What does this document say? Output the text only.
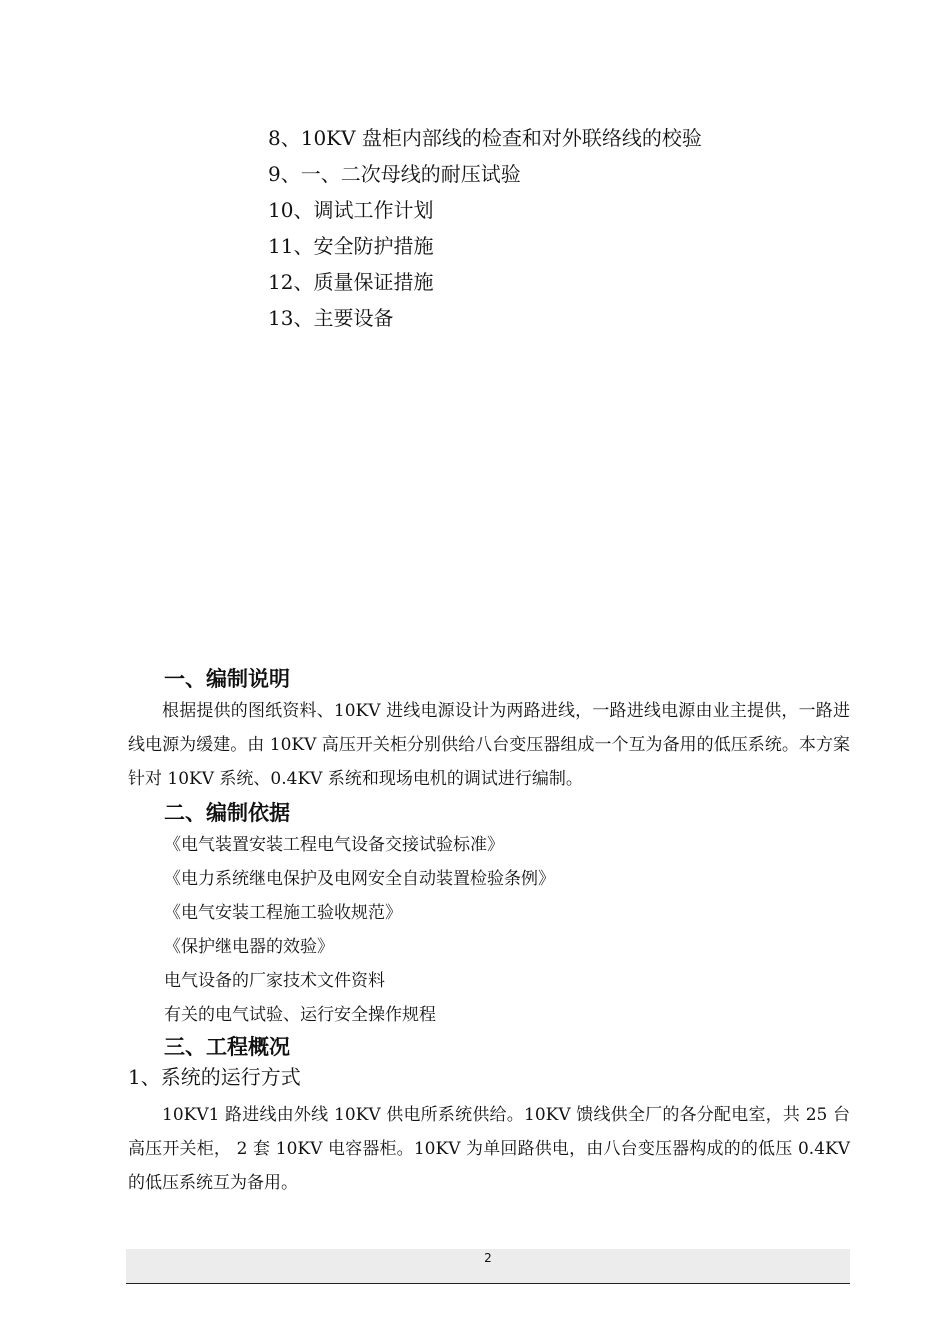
8、10KV 盘柜内部线的检查和对外联络线的校验
9、一、二次母线的耐压试验
10、调试工作计划
11、安全防护措施
12、质量保证措施
13、主要设备
一、编制说明
根据提供的图纸资料、10KV 进线电源设计为两路进线，一路进线电源由业主提供，一路进线电源为缓建。由 10KV 高压开关柜分别供给八台变压器组成一个互为备用的低压系统。本方案针对 10KV 系统、0.4KV 系统和现场电机的调试进行编制。
二、编制依据
《电气装置安装工程电气设备交接试验标准》
《电力系统继电保护及电网安全自动装置检验条例》
《电气安装工程施工验收规范》
《保护继电器的效验》
电气设备的厂家技术文件资料
有关的电气试验、运行安全操作规程
三、工程概况
1、系统的运行方式
10KV1 路进线由外线 10KV 供电所系统供给。10KV 馈线供全厂的各分配电室，共 25 台高压开关柜， 2 套 10KV 电容器柜。10KV 为单回路供电，由八台变压器构成的的低压 0.4KV 的低压系统互为备用。
2
